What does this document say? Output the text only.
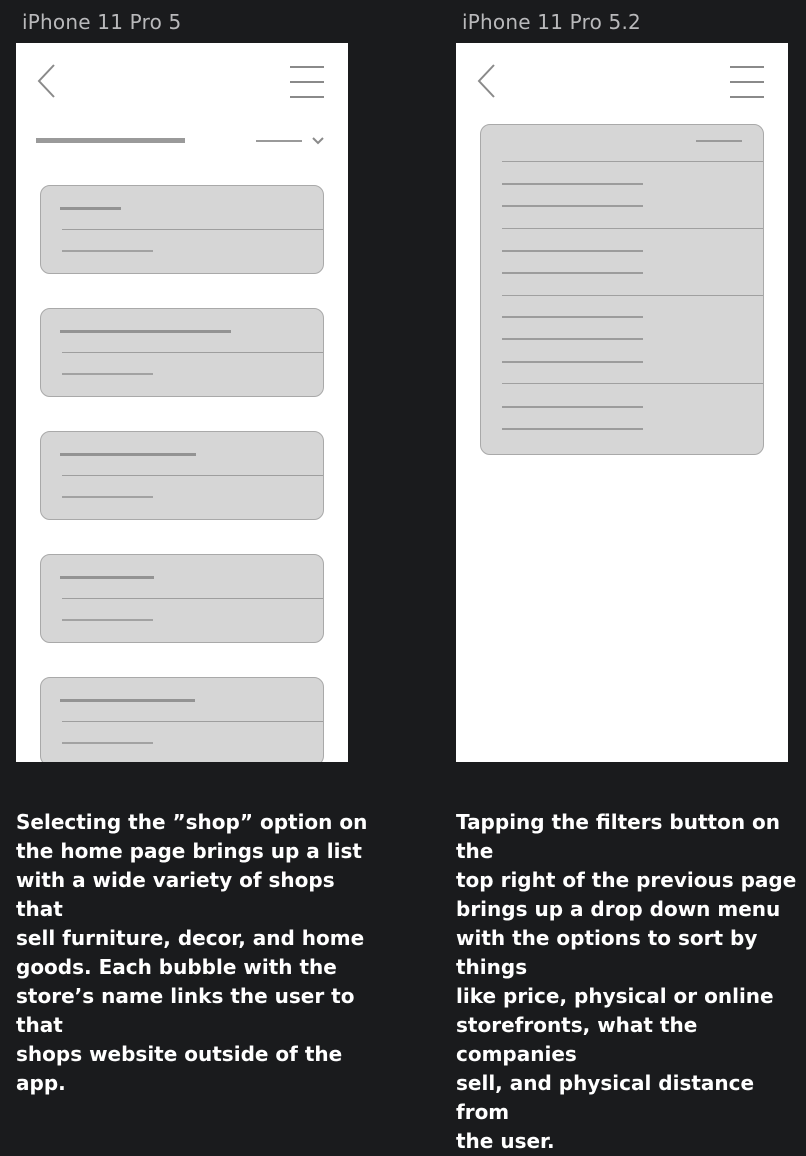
iPhone 11 Pro 5
Selecting the ”shop” option on
the home page brings up a list
with a wide variety of shops that
sell furniture, decor, and home
goods. Each bubble with the
store’s name links the user to that
shops website outside of the app.
iPhone 11 Pro 5.2
Tapping the filters button on the
top right of the previous page
brings up a drop down menu
with the options to sort by things
like price, physical or online
storefronts, what the companies
sell, and physical distance from
the user.
